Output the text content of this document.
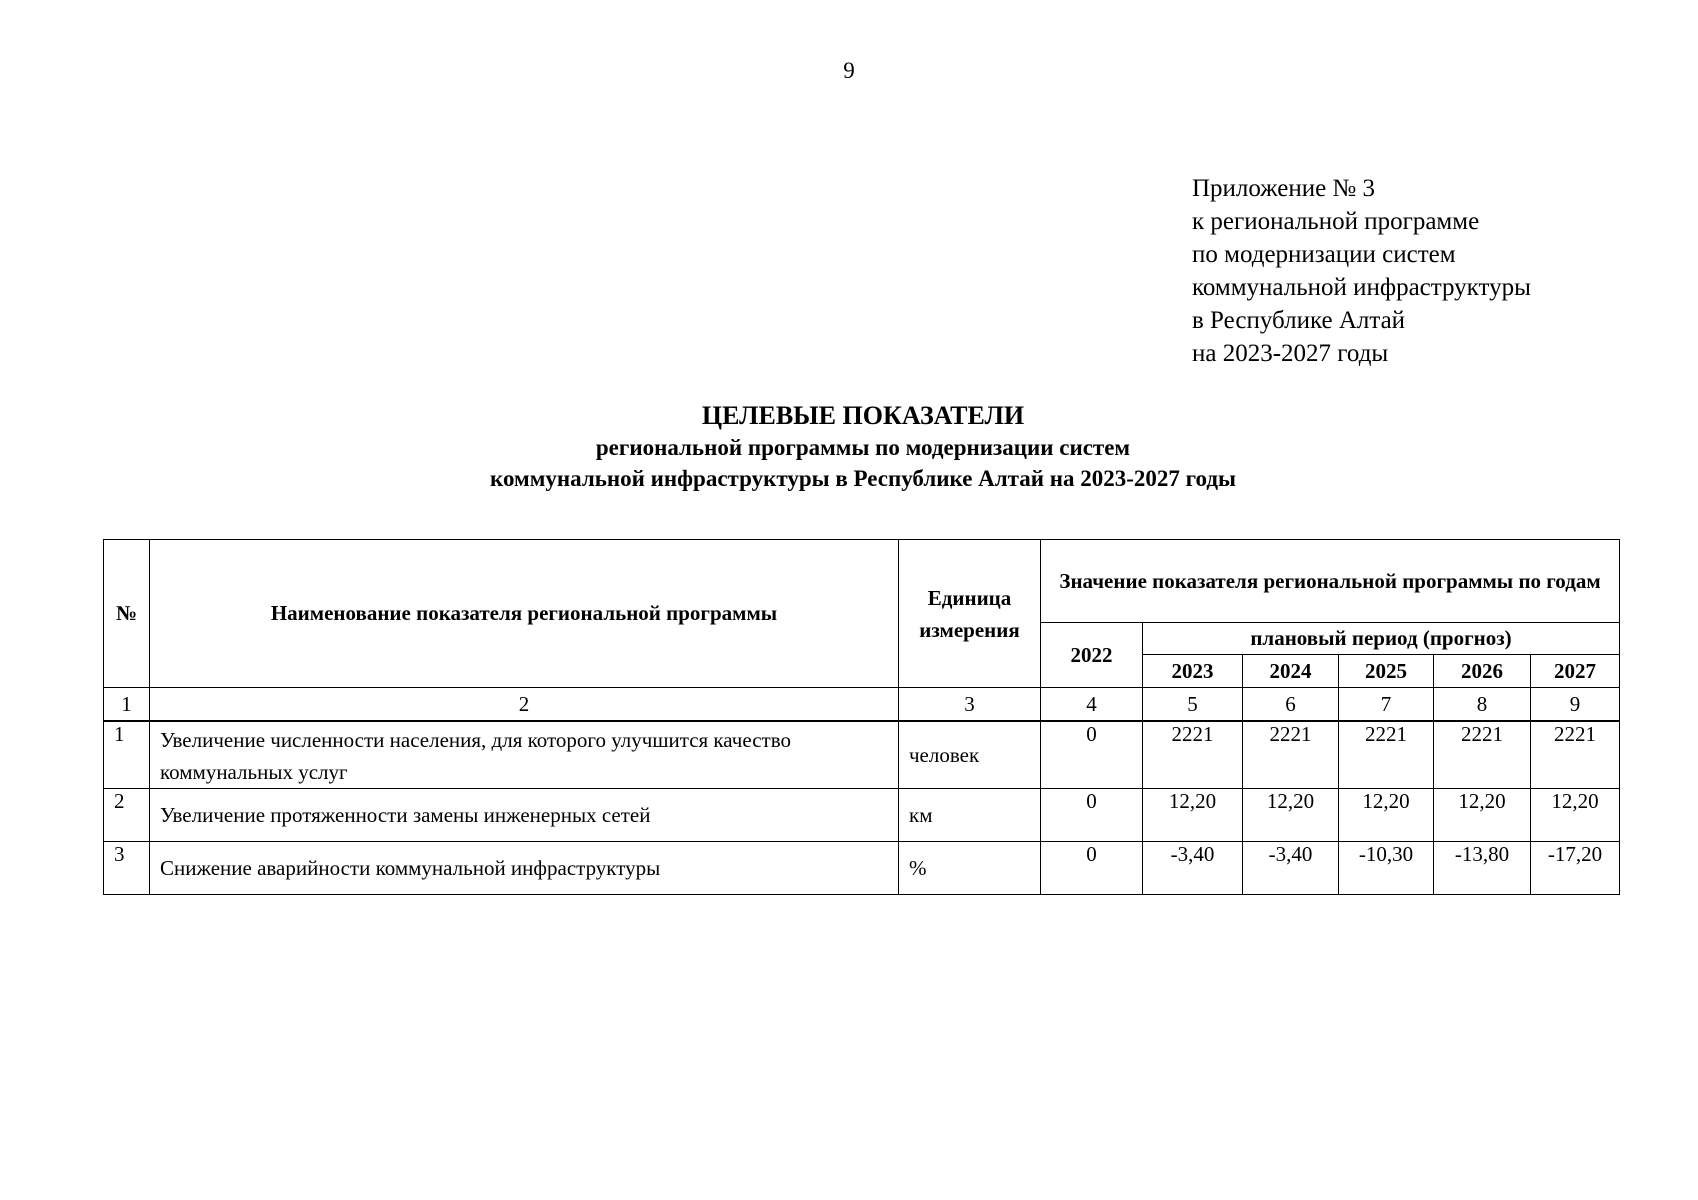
9
Приложение № 3
к региональной программе
по модернизации систем
коммунальной инфраструктуры
в Республике Алтай
на 2023-2027 годы
ЦЕЛЕВЫЕ ПОКАЗАТЕЛИ
региональной программы по модернизации систем
коммунальной инфраструктуры в Республике Алтай на 2023-2027 годы
№	Наименование показателя региональной программы	Единица измерения	Значение показателя региональной программы по годам					
			2022	плановый период (прогноз)				
				2023	2024	2025	2026	2027
1	2	3	4	5	6	7	8	9
1	Увеличение численности населения, для которого улучшится качество коммунальных услуг	человек	0	2221	2221	2221	2221	2221
2	Увеличение протяженности замены инженерных сетей	км	0	12,20	12,20	12,20	12,20	12,20
3	Снижение аварийности коммунальной инфраструктуры	%	0	-3,40	-3,40	-10,30	-13,80	-17,20
